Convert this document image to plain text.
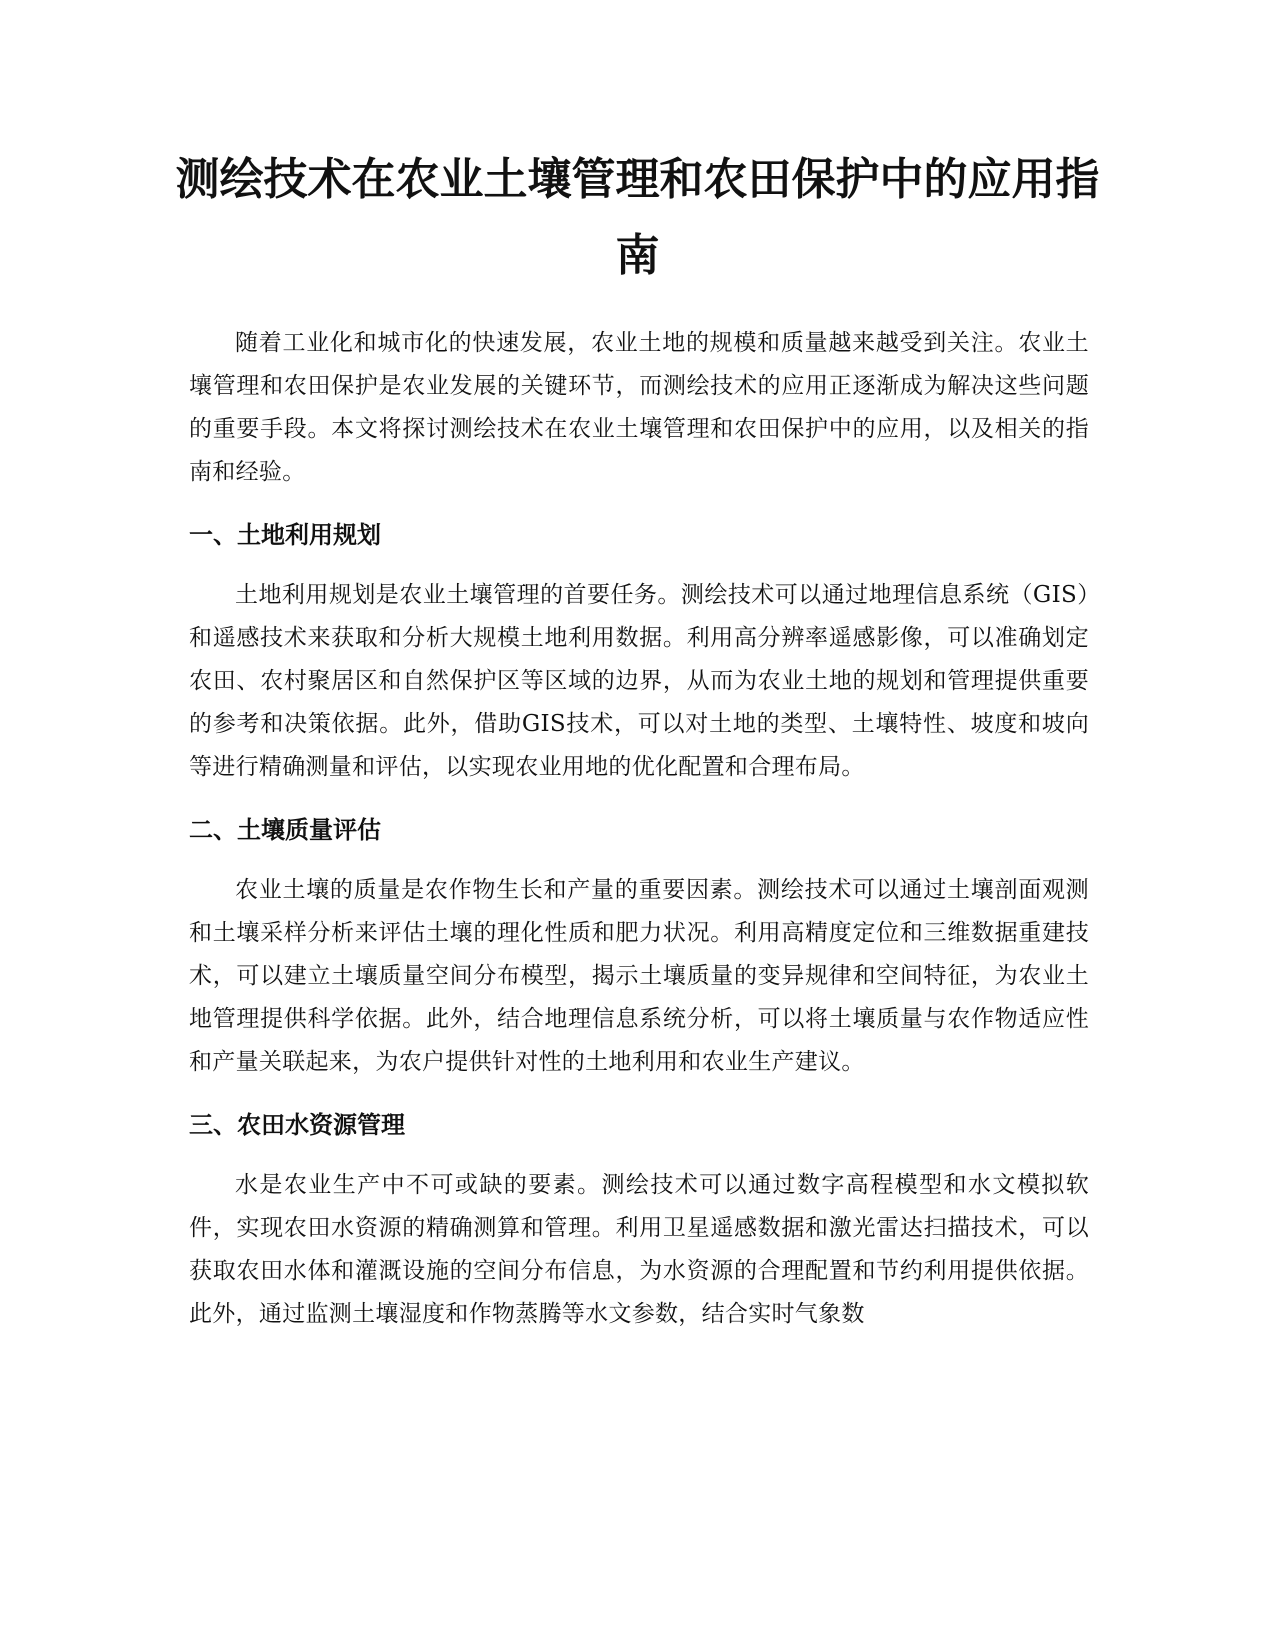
测绘技术在农业土壤管理和农田保护中的应用指南

随着工业化和城市化的快速发展，农业土地的规模和质量越来越受到关注。农业土壤管理和农田保护是农业发展的关键环节，而测绘技术的应用正逐渐成为解决这些问题的重要手段。本文将探讨测绘技术在农业土壤管理和农田保护中的应用，以及相关的指南和经验。

一、土地利用规划

土地利用规划是农业土壤管理的首要任务。测绘技术可以通过地理信息系统（GIS）和遥感技术来获取和分析大规模土地利用数据。利用高分辨率遥感影像，可以准确划定农田、农村聚居区和自然保护区等区域的边界，从而为农业土地的规划和管理提供重要的参考和决策依据。此外，借助GIS技术，可以对土地的类型、土壤特性、坡度和坡向等进行精确测量和评估，以实现农业用地的优化配置和合理布局。

二、土壤质量评估

农业土壤的质量是农作物生长和产量的重要因素。测绘技术可以通过土壤剖面观测和土壤采样分析来评估土壤的理化性质和肥力状况。利用高精度定位和三维数据重建技术，可以建立土壤质量空间分布模型，揭示土壤质量的变异规律和空间特征，为农业土地管理提供科学依据。此外，结合地理信息系统分析，可以将土壤质量与农作物适应性和产量关联起来，为农户提供针对性的土地利用和农业生产建议。

三、农田水资源管理

水是农业生产中不可或缺的要素。测绘技术可以通过数字高程模型和水文模拟软件，实现农田水资源的精确测算和管理。利用卫星遥感数据和激光雷达扫描技术，可以获取农田水体和灌溉设施的空间分布信息，为水资源的合理配置和节约利用提供依据。此外，通过监测土壤湿度和作物蒸腾等水文参数，结合实时气象数
